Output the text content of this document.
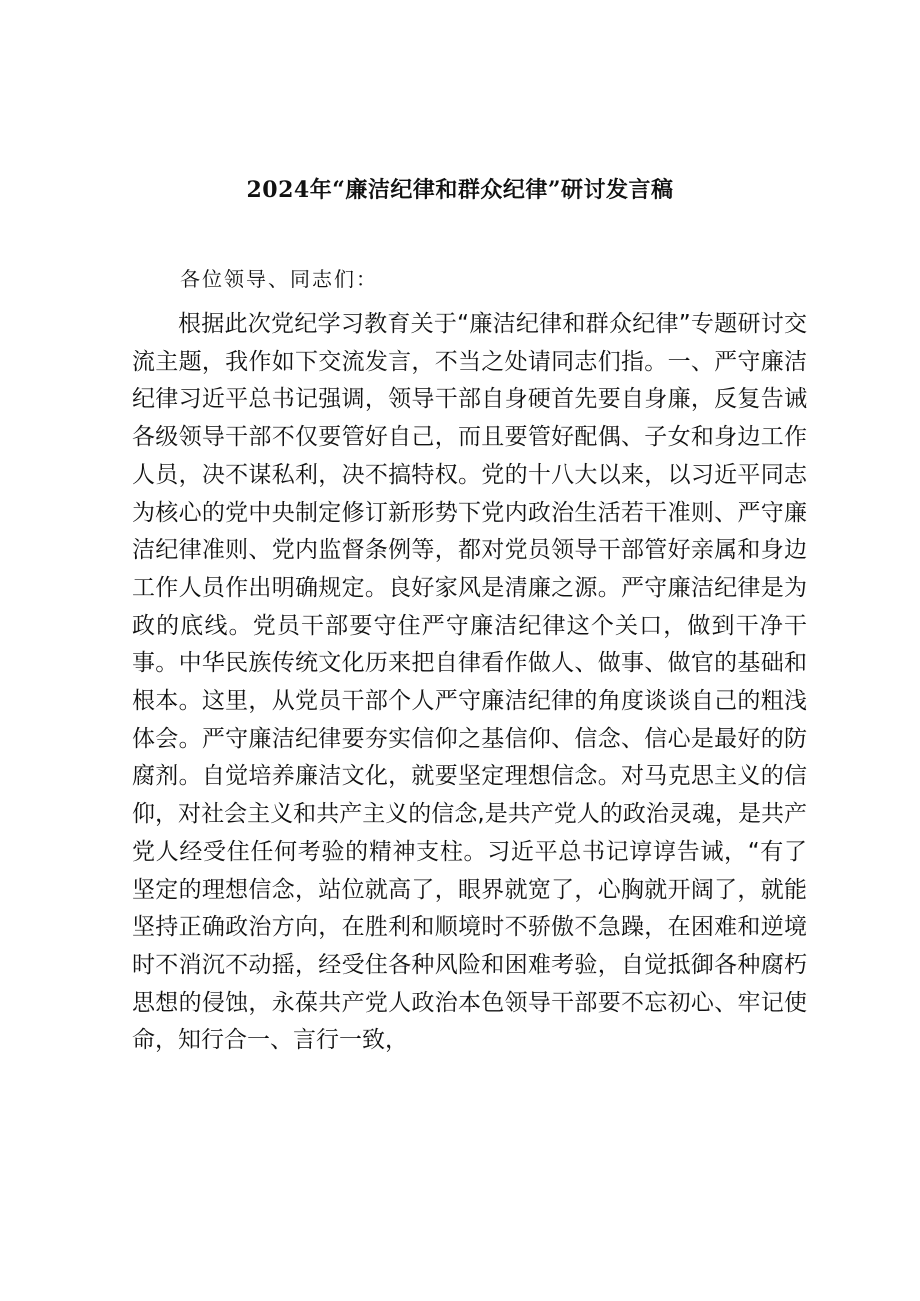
2024年“廉洁纪律和群众纪律”研讨发言稿

各位领导、同志们：

根据此次党纪学习教育关于“廉洁纪律和群众纪律”专题研讨交流主题，我作如下交流发言，不当之处请同志们指。一、严守廉洁纪律习近平总书记强调，领导干部自身硬首先要自身廉，反复告诫各级领导干部不仅要管好自己，而且要管好配偶、子女和身边工作人员，决不谋私利，决不搞特权。党的十八大以来，以习近平同志为核心的党中央制定修订新形势下党内政治生活若干准则、严守廉洁纪律准则、党内监督条例等，都对党员领导干部管好亲属和身边工作人员作出明确规定。良好家风是清廉之源。严守廉洁纪律是为政的底线。党员干部要守住严守廉洁纪律这个关口，做到干净干事。中华民族传统文化历来把自律看作做人、做事、做官的基础和根本。这里，从党员干部个人严守廉洁纪律的角度谈谈自己的粗浅体会。严守廉洁纪律要夯实信仰之基信仰、信念、信心是最好的防腐剂。自觉培养廉洁文化，就要坚定理想信念。对马克思主义的信仰，对社会主义和共产主义的信念,是共产党人的政治灵魂，是共产党人经受住任何考验的精神支柱。习近平总书记谆谆告诫，“有了坚定的理想信念，站位就高了，眼界就宽了，心胸就开阔了，就能坚持正确政治方向，在胜利和顺境时不骄傲不急躁，在困难和逆境时不消沉不动摇，经受住各种风险和困难考验，自觉抵御各种腐朽思想的侵蚀，永葆共产党人政治本色领导干部要不忘初心、牢记使命，知行合一、言行一致，
